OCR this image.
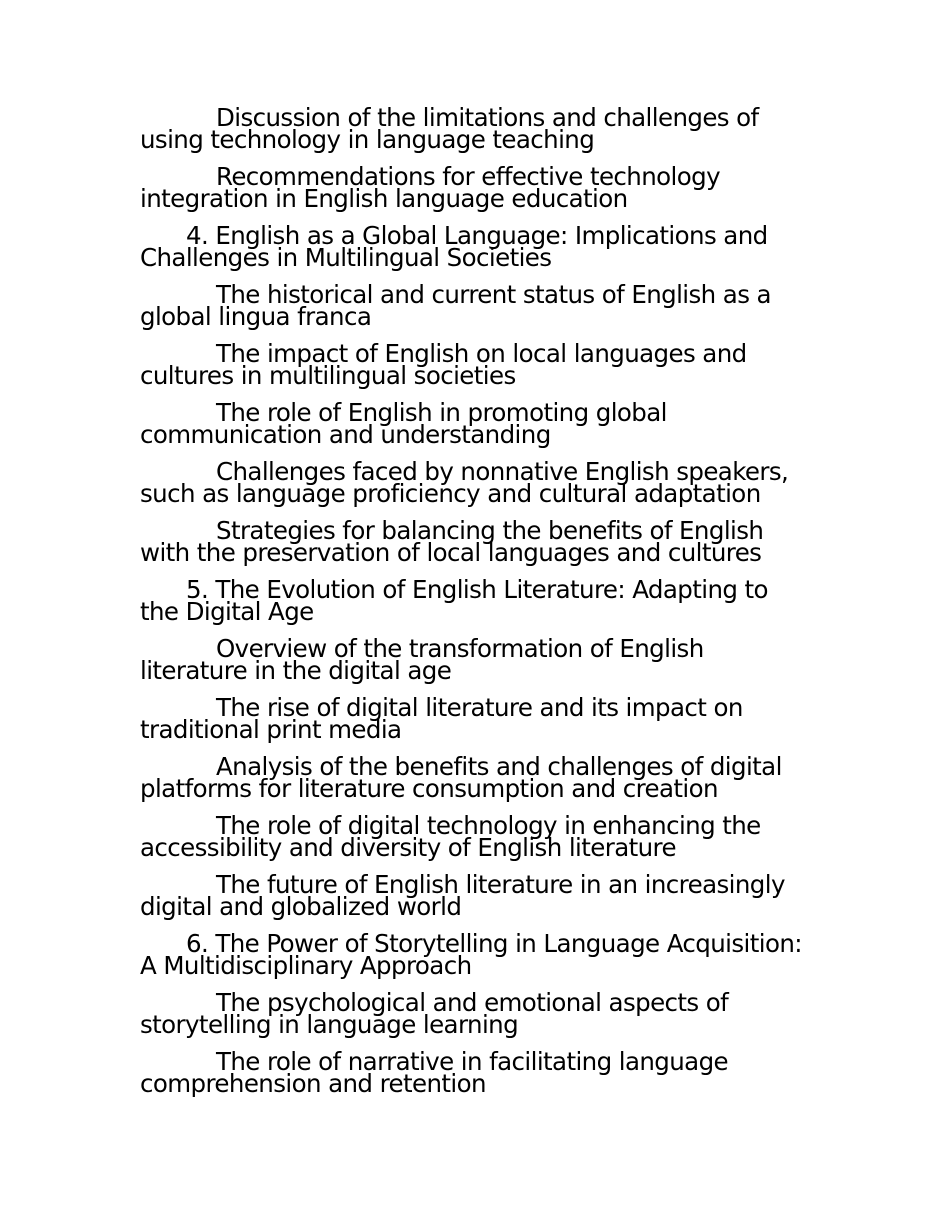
Discussion of the limitations and challenges of using technology in language teaching

Recommendations for effective technology integration in English language education

4. English as a Global Language: Implications and Challenges in Multilingual Societies

The historical and current status of English as a global lingua franca

The impact of English on local languages and cultures in multilingual societies

The role of English in promoting global communication and understanding

Challenges faced by nonnative English speakers, such as language proficiency and cultural adaptation

Strategies for balancing the benefits of English with the preservation of local languages and cultures

5. The Evolution of English Literature: Adapting to the Digital Age

Overview of the transformation of English literature in the digital age

The rise of digital literature and its impact on traditional print media

Analysis of the benefits and challenges of digital platforms for literature consumption and creation

The role of digital technology in enhancing the accessibility and diversity of English literature

The future of English literature in an increasingly digital and globalized world

6. The Power of Storytelling in Language Acquisition: A Multidisciplinary Approach

The psychological and emotional aspects of storytelling in language learning

The role of narrative in facilitating language comprehension and retention
